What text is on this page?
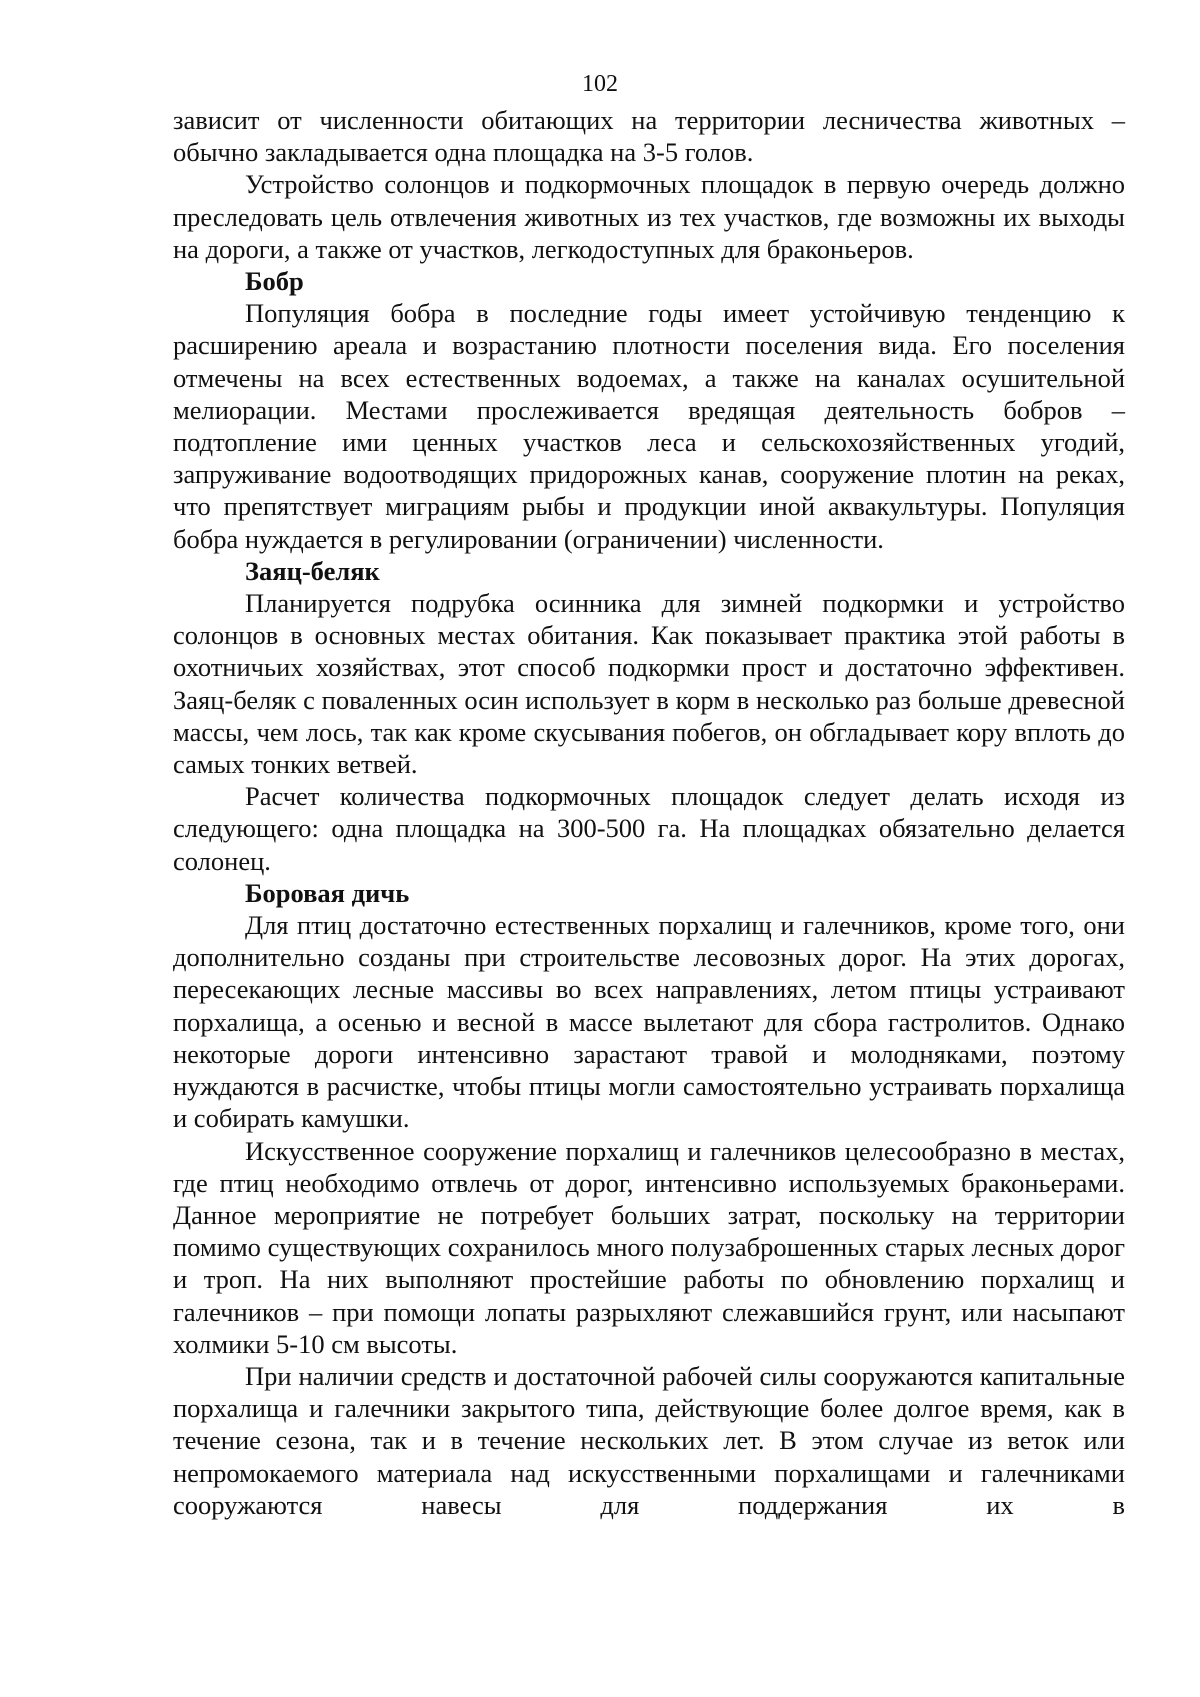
102

зависит от численности обитающих на территории лесничества животных – обычно закладывается одна площадка на 3-5 голов.

Устройство солонцов и подкормочных площадок в первую очередь должно преследовать цель отвлечения животных из тех участков, где возможны их выходы на дороги, а также от участков, легкодоступных для браконьеров.

Бобр

Популяция бобра в последние годы имеет устойчивую тенденцию к расширению ареала и возрастанию плотности поселения вида. Его поселения отмечены на всех естественных водоемах, а также на каналах осушительной мелиорации. Местами прослеживается вредящая деятельность бобров – подтопление ими ценных участков леса и сельскохозяйственных угодий, запруживание водоотводящих придорожных канав, сооружение плотин на реках, что препятствует миграциям рыбы и продукции иной аквакультуры. Популяция бобра нуждается в регулировании (ограничении) численности.

Заяц-беляк

Планируется подрубка осинника для зимней подкормки и устройство солонцов в основных местах обитания. Как показывает практика этой работы в охотничьих хозяйствах, этот способ подкормки прост и достаточно эффективен. Заяц-беляк с поваленных осин использует в корм в несколько раз больше древесной массы, чем лось, так как кроме скусывания побегов, он обгладывает кору вплоть до самых тонких ветвей.

Расчет количества подкормочных площадок следует делать исходя из следующего: одна площадка на 300-500 га. На площадках обязательно делается солонец.

Боровая дичь

Для птиц достаточно естественных порхалищ и галечников, кроме того, они дополнительно созданы при строительстве лесовозных дорог. На этих дорогах, пересекающих лесные массивы во всех направлениях, летом птицы устраивают порхалища, а осенью и весной в массе вылетают для сбора гастролитов. Однако некоторые дороги интенсивно зарастают травой и молодняками, поэтому нуждаются в расчистке, чтобы птицы могли самостоятельно устраивать порхалища и собирать камушки.

Искусственное сооружение порхалищ и галечников целесообразно в местах, где птиц необходимо отвлечь от дорог, интенсивно используемых браконьерами. Данное мероприятие не потребует больших затрат, поскольку на территории помимо существующих сохранилось много полузаброшенных старых лесных дорог и троп. На них выполняют простейшие работы по обновлению порхалищ и галечников – при помощи лопаты разрыхляют слежавшийся грунт, или насыпают холмики 5-10 см высоты.

При наличии средств и достаточной рабочей силы сооружаются капитальные порхалища и галечники закрытого типа, действующие более долгое время, как в течение сезона, так и в течение нескольких лет. В этом случае из веток или непромокаемого материала над искусственными порхалищами и галечниками сооружаются навесы для поддержания их в
